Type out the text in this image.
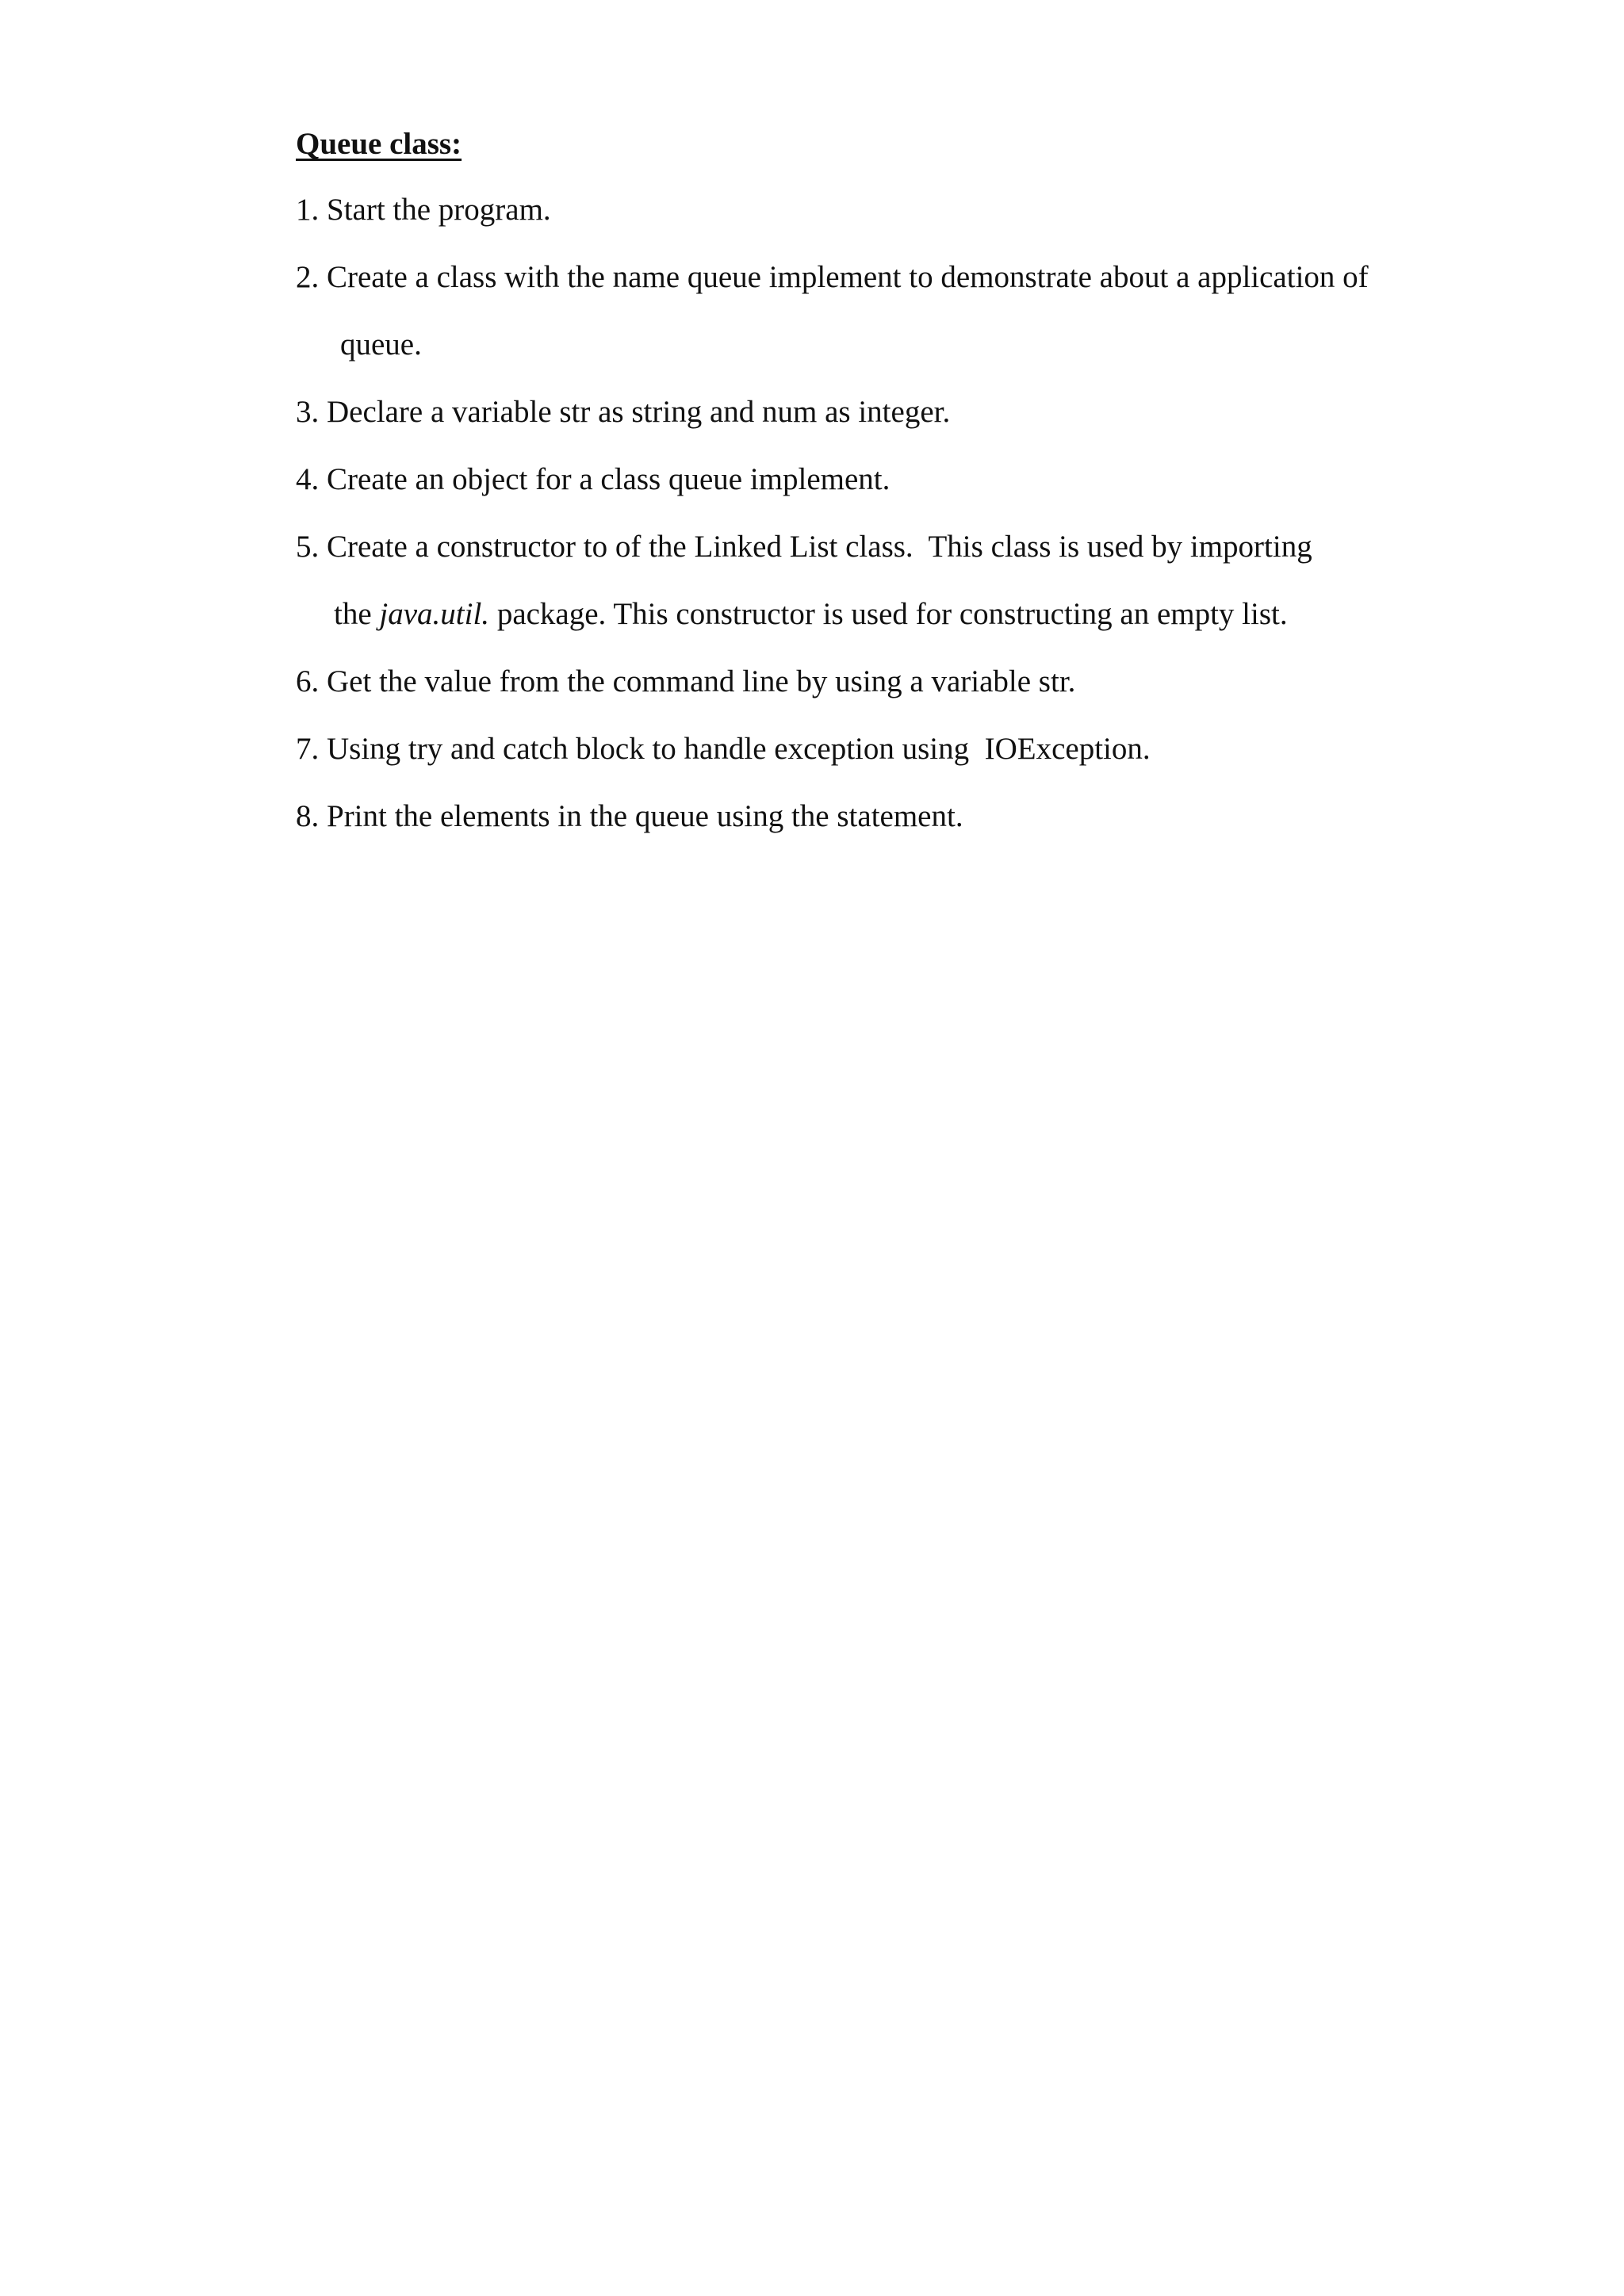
Queue class:
1. Start the program.
2. Create a class with the name queue implement to demonstrate about a application of
queue.
3. Declare a variable str as string and num as integer.
4. Create an object for a class queue implement.
5. Create a constructor to of the Linked List class.  This class is used by importing
the java.util. package. This constructor is used for constructing an empty list.
6. Get the value from the command line by using a variable str.
7. Using try and catch block to handle exception using  IOException.
8. Print the elements in the queue using the statement.
